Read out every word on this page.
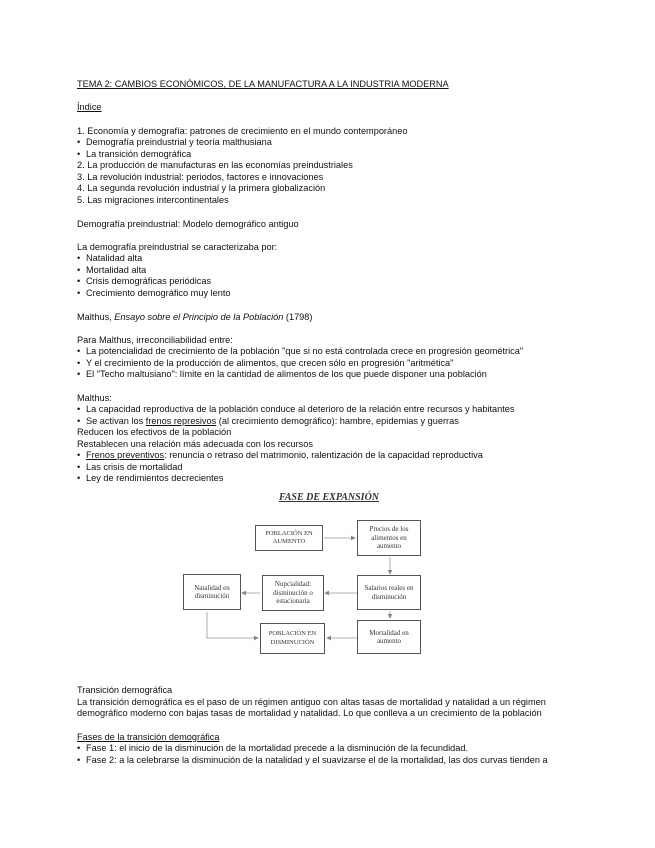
TEMA 2: CAMBIOS ECONÓMICOS, DE LA MANUFACTURA A LA INDUSTRIA MODERNA
Índice
1. Economía y demografía: patrones de crecimiento en el mundo contemporáneo
• Demografía preindustrial y teoría malthusiana
• La transición demográfica
2. La producción de manufacturas en las economías preindustriales
3. La revolución industrial: periodos, factores e innovaciones
4. La segunda revolución industrial y la primera globalización
5. Las migraciones intercontinentales
Demografía preindustrial: Modelo demográfico antiguo
La demografía preindustrial se caracterizaba por:
• Natalidad alta
• Mortalidad alta
• Crisis demográficas periódicas
• Crecimiento demográfico muy lento
Malthus, Ensayo sobre el Principio de la Población (1798)
Para Malthus, irreconciliabilidad entre:
• La potencialidad de crecimiento de la población "que si no está controlada crece en progresión geométrica"
• Y el crecimiento de la producción de alimentos, que crecen sólo en progresión "aritmética"
• El "Techo maltusiano": límite en la cantidad de alimentos de los que puede disponer una población
Malthus:
• La capacidad reproductiva de la población conduce al deterioro de la relación entre recursos y habitantes
• Se activan los frenos represivos (al crecimiento demográfico): hambre, epidemias y guerras
Reducen los efectivos de la población
Restablecen una relación más adecuada con los recursos
• Frenos preventivos: renuncia o retraso del matrimonio, ralentización de la capacidad reproductiva
• Las crisis de mortalidad
• Ley de rendimientos decrecientes
FASE DE EXPANSIÓN
POBLACIÓN EN AUMENTO
Precios de los alimentos en aumento
Natalidad en disminución
Nupcialidad: disminución o estacionaria
Salarios reales en disminución
POBLACIÓN EN DISMINUCIÓN
Mortalidad en aumento
Transición demográfica
La transición demográfica es el paso de un régimen antiguo con altas tasas de mortalidad y natalidad a un régimen
demográfico moderno con bajas tasas de mortalidad y natalidad. Lo que conlleva a un crecimiento de la población
Fases de la transición demográfica
• Fase 1: el inicio de la disminución de la mortalidad precede a la disminución de la fecundidad.
• Fase 2: a la celebrarse la disminución de la natalidad y el suavizarse el de la mortalidad, las dos curvas tienden a
